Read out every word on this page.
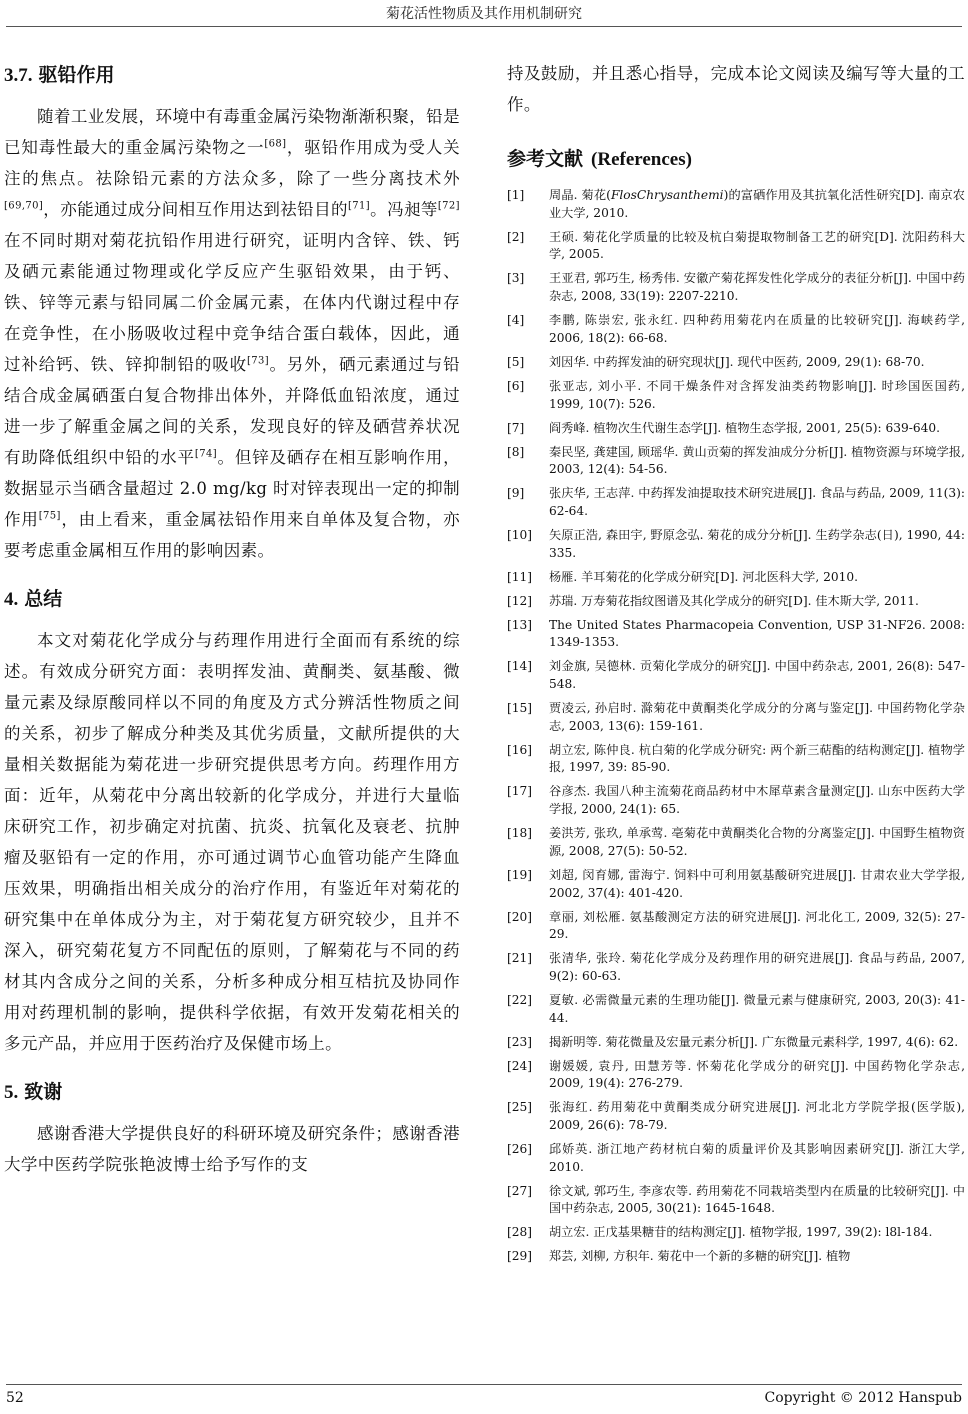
菊花活性物质及其作用机制研究
3.7. 驱铅作用

随着工业发展，环境中有毒重金属污染物渐渐积聚，铅是已知毒性最大的重金属污染物之一[68]，驱铅作用成为受人关注的焦点。祛除铅元素的方法众多，除了一些分离技术外[69,70]，亦能通过成分间相互作用达到祛铅目的[71]。冯昶等[72]在不同时期对菊花抗铅作用进行研究，证明内含锌、铁、钙及硒元素能通过物理或化学反应产生驱铅效果，由于钙、铁、锌等元素与铅同属二价金属元素，在体内代谢过程中存在竞争性，在小肠吸收过程中竞争结合蛋白载体，因此，通过补给钙、铁、锌抑制铅的吸收[73]。另外，硒元素通过与铅结合成金属硒蛋白复合物排出体外，并降低血铅浓度，通过进一步了解重金属之间的关系，发现良好的锌及硒营养状况有助降低组织中铅的水平[74]。但锌及硒存在相互影响作用，数据显示当硒含量超过 2.0 mg/kg 时对锌表现出一定的抑制作用[75]，由上看来，重金属祛铅作用来自单体及复合物，亦要考虑重金属相互作用的影响因素。

4. 总结

本文对菊花化学成分与药理作用进行全面而有系统的综述。有效成分研究方面：表明挥发油、黄酮类、氨基酸、微量元素及绿原酸同样以不同的角度及方式分辨活性物质之间的关系，初步了解成分种类及其优劣质量，文献所提供的大量相关数据能为菊花进一步研究提供思考方向。药理作用方面：近年，从菊花中分离出较新的化学成分，并进行大量临床研究工作，初步确定对抗菌、抗炎、抗氧化及衰老、抗肿瘤及驱铅有一定的作用，亦可通过调节心血管功能产生降血压效果，明确指出相关成分的治疗作用，有鉴近年对菊花的研究集中在单体成分为主，对于菊花复方研究较少，且并不深入，研究菊花复方不同配伍的原则，了解菊花与不同的药材其内含成分之间的关系，分析多种成分相互桔抗及协同作用对药理机制的影响，提供科学依据，有效开发菊花相关的多元产品，并应用于医药治疗及保健市场上。

5. 致谢

感谢香港大学提供良好的科研环境及研究条件；感谢香港大学中医药学院张艳波博士给予写作的支

持及鼓励，并且悉心指导，完成本论文阅读及编写等大量的工作。

参考文献 (References)
[1] 周晶. 菊花(FlosChrysanthemi)的富硒作用及其抗氧化活性研究[D]. 南京农业大学, 2010.
[2] 王硕. 菊花化学质量的比较及杭白菊提取物制备工艺的研究[D]. 沈阳药科大学, 2005.
[3] 王亚君, 郭巧生, 杨秀伟. 安徽产菊花挥发性化学成分的表征分析[J]. 中国中药杂志, 2008, 33(19): 2207-2210.
[4] 李鹏, 陈崇宏, 张永红. 四种药用菊花内在质量的比较研究[J]. 海峡药学, 2006, 18(2): 66-68.
[5] 刘因华. 中药挥发油的研究现状[J]. 现代中医药, 2009, 29(1): 68-70.
[6] 张亚志, 刘小平. 不同干燥条件对含挥发油类药物影响[J]. 时珍国医国药, 1999, 10(7): 526.
[7] 阎秀峰. 植物次生代谢生态学[J]. 植物生态学报, 2001, 25(5): 639-640.
[8] 秦民坚, 龚建国, 顾瑶华. 黄山贡菊的挥发油成分分析[J]. 植物资源与环境学报, 2003, 12(4): 54-56.
[9] 张庆华, 王志萍. 中药挥发油提取技术研究进展[J]. 食品与药品, 2009, 11(3): 62-64.
[10] 矢原正浩, 森田宇, 野原念弘. 菊花的成分分析[J]. 生药学杂志(日), 1990, 44: 335.
[11] 杨雁. 羊耳菊花的化学成分研究[D]. 河北医科大学, 2010.
[12] 苏瑞. 万寿菊花指纹图谱及其化学成分的研究[D]. 佳木斯大学, 2011.
[13] The United States Pharmacopeia Convention, USP 31-NF26. 2008: 1349-1353.
[14] 刘金旗, 吴德林. 贡菊化学成分的研究[J]. 中国中药杂志, 2001, 26(8): 547-548.
[15] 贾凌云, 孙启时. 滁菊花中黄酮类化学成分的分离与鉴定[J]. 中国药物化学杂志, 2003, 13(6): 159-161.
[16] 胡立宏, 陈仲良. 杭白菊的化学成分研究: 两个新三萜酯的结构测定[J]. 植物学报, 1997, 39: 85-90.
[17] 谷彦杰. 我国八种主流菊花商品药材中木犀草素含量测定[J]. 山东中医药大学学报, 2000, 24(1): 65.
[18] 姜洪芳, 张玖, 单承莺. 亳菊花中黄酮类化合物的分离鉴定[J]. 中国野生植物资源, 2008, 27(5): 50-52.
[19] 刘超, 闵育娜, 雷海宁. 饲料中可利用氨基酸研究进展[J]. 甘肃农业大学学报, 2002, 37(4): 401-420.
[20] 章丽, 刘松雁. 氨基酸测定方法的研究进展[J]. 河北化工, 2009, 32(5): 27-29.
[21] 张清华, 张玲. 菊花化学成分及药理作用的研究进展[J]. 食品与药品, 2007, 9(2): 60-63.
[22] 夏敏. 必需微量元素的生理功能[J]. 微量元素与健康研究, 2003, 20(3): 41-44.
[23] 揭新明等. 菊花微量及宏量元素分析[J]. 广东微量元素科学, 1997, 4(6): 62.
[24] 谢媛媛, 袁丹, 田慧芳等. 怀菊花化学成分的研究[J]. 中国药物化学杂志, 2009, 19(4): 276-279.
[25] 张海红. 药用菊花中黄酮类成分研究进展[J]. 河北北方学院学报(医学版), 2009, 26(6): 78-79.
[26] 邱娇英. 浙江地产药材杭白菊的质量评价及其影响因素研究[J]. 浙江大学, 2010.
[27] 徐文斌, 郭巧生, 李彦农等. 药用菊花不同栽培类型内在质量的比较研究[J]. 中国中药杂志, 2005, 30(21): 1645-1648.
[28] 胡立宏. 正戊基果糖苷的结构测定[J]. 植物学报, 1997, 39(2): l8l-184.
[29] 郑芸, 刘柳, 方积年. 菊花中一个新的多糖的研究[J]. 植物
52	Copyright © 2012 Hanspub
